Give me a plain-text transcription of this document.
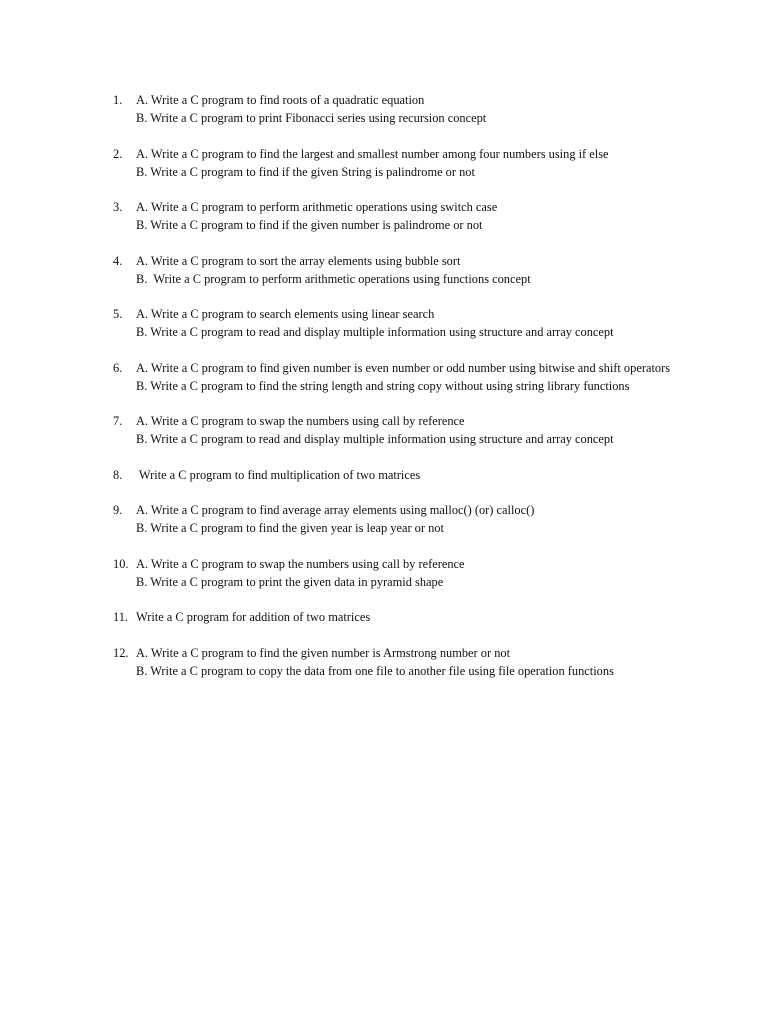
1. A. Write a C program to find roots of a quadratic equation
B. Write a C program to print Fibonacci series using recursion concept
2. A. Write a C program to find the largest and smallest number among four numbers using if else
B. Write a C program to find if the given String is palindrome or not
3. A. Write a C program to perform arithmetic operations using switch case
B. Write a C program to find if the given number is palindrome or not
4. A. Write a C program to sort the array elements using bubble sort
B.  Write a C program to perform arithmetic operations using functions concept
5. A. Write a C program to search elements using linear search
B. Write a C program to read and display multiple information using structure and array concept
6. A. Write a C program to find given number is even number or odd number using bitwise and shift operators
B. Write a C program to find the string length and string copy without using string library functions
7. A. Write a C program to swap the numbers using call by reference
B. Write a C program to read and display multiple information using structure and array concept
8. Write a C program to find multiplication of two matrices
9. A. Write a C program to find average array elements using malloc() (or) calloc()
B. Write a C program to find the given year is leap year or not
10. A. Write a C program to swap the numbers using call by reference
B. Write a C program to print the given data in pyramid shape
11. Write a C program for addition of two matrices
12. A. Write a C program to find the given number is Armstrong number or not
B. Write a C program to copy the data from one file to another file using file operation functions
